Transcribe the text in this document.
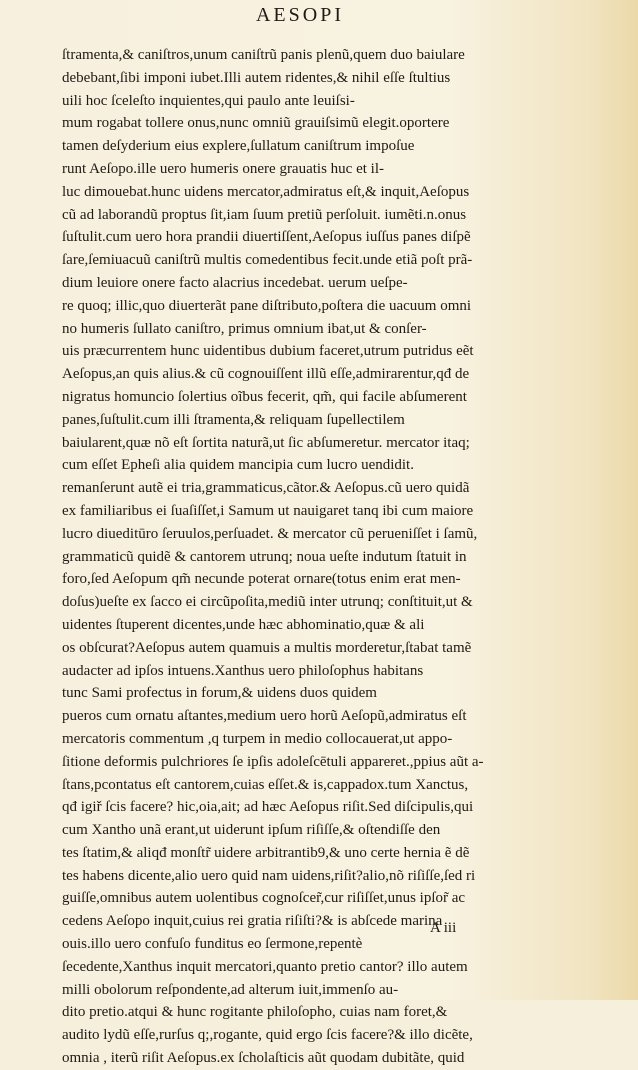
AESOPI
ſtramenta,& caniſtros,unum caniſtrũ panis plenũ,quem duo baiulare
debebant,ſibi imponi iubet.Illi autem ridentes,& nihil eſſe ſtultius
uili hoc ſceleſto inquientes,qui paulo ante leuiſsi-
mum rogabat tollere onus,nunc omniũ grauiſsimũ elegit.oportere
tamen deſyderium eius explere,ſullatum caniſtrum impoſue
runt Aeſopo.ille uero humeris onere grauatis huc et il-
luc dimouebat.hunc uidens mercator,admiratus eſt,& inquit,Aeſopus
cũ ad laborandũ proptus ſit,iam ſuum pretiũ perſoluit. iumẽti.n.onus
ſuſtulit.cum uero hora prandii diuertiſſent,Aeſopus iuſſus panes diſpẽ
ſare,ſemiuacuũ caniſtrũ multis comedentibus fecit.unde etiã poſt prã-
dium leuiore onere facto alacrius incedebat. uerum ueſpe-
re quoq; illic,quo diuerterãt pane diſtributo,poſtera die uacuum omni
no humeris ſullato caniſtro, primus omnium ibat,ut & conſer-
uis præcurrentem hunc uidentibus dubium faceret,utrum putridus eẽt
Aeſopus,an quis alius.& cũ cognouiſſent illũ eſſe,admirarentur,qđ de
nigratus homuncio ſolertius oĩbus fecerit, qm̃, qui facile abſumerent
panes,ſuſtulit.cum illi ſtramenta,& reliquam ſupellectilem
baiularent,quæ nõ eſt ſortita naturã,ut ſic abſumeretur. mercator itaq;
cum eſſet Epheſi alia quidem mancipia cum lucro uendidit.
remanſerunt autẽ ei tria,grammaticus,cãtor.& Aeſopus.cũ uero quidã
ex familiaribus ei ſuaſiſſet,i Samum ut nauigaret tanq ibi cum maiore
lucro diueditūro ſeruulos,perſuadet. & mercator cũ perueniſſet i ſamũ,
grammaticũ quidẽ & cantorem utrunq; noua ueſte indutum ſtatuit in
foro,ſed Aeſopum qm̃ necunde poterat ornare(totus enim erat men-
doſus)ueſte ex ſacco ei circũpoſita,mediũ inter utrunq; conſtituit,ut &
uidentes ſtuperent dicentes,unde hæc abhominatio,quæ & ali
os obſcurat?Aeſopus autem quamuis a multis morderetur,ſtabat tamẽ
audacter ad ipſos intuens.Xanthus uero philoſophus habitans
tunc Sami profectus in forum,& uidens duos quidem
pueros cum ornatu aſtantes,medium uero horũ Aeſopũ,admiratus eſt
mercatoris commentum ,q turpem in medio collocauerat,ut appo-
ſitione deformis pulchriores ſe ipſis adoleſcētuli appareret.,ppius aũt a-
ſtans,pcontatus eſt cantorem,cuias eſſet.& is,cappadox.tum Xanctus,
qđ igiř ſcis facere? hic,oia,ait; ad hæc Aeſopus riſit.Sed diſcipulis,qui
cum Xantho unã erant,ut uiderunt ipſum riſiſſe,& oſtendiſſe den
tes ſtatim,& aliqđ monſtr̃ uidere arbitrantib9,& uno certe hernia ẽ dẽ
tes habens dicente,alio uero quid nam uidens,riſit?alio,nõ riſiſſe,ſed ri
guiſſe,omnibus autem uolentibus cognoſcer̃,cur riſiſſet,unus ipſor̃ ac
cedens Aeſopo inquit,cuius rei gratia riſiſti?& is abſcede marina
ouis.illo uero confuſo funditus eo ſermone,repentè
ſecedente,Xanthus inquit mercatori,quanto pretio cantor? illo autem
milli obolorum reſpondente,ad alterum iuit,immenſo au-
dito pretio.atqui & hunc rogitante philoſopho, cuias nam foret,&
audito lydũ eſſe,rurſus q;,rogante, quid ergo ſcis facere?& illo dicẽte,
omnia , iterũ riſit Aeſopus.ex ſcholaſticis aũt quodam dubitãte, quid
A iii
